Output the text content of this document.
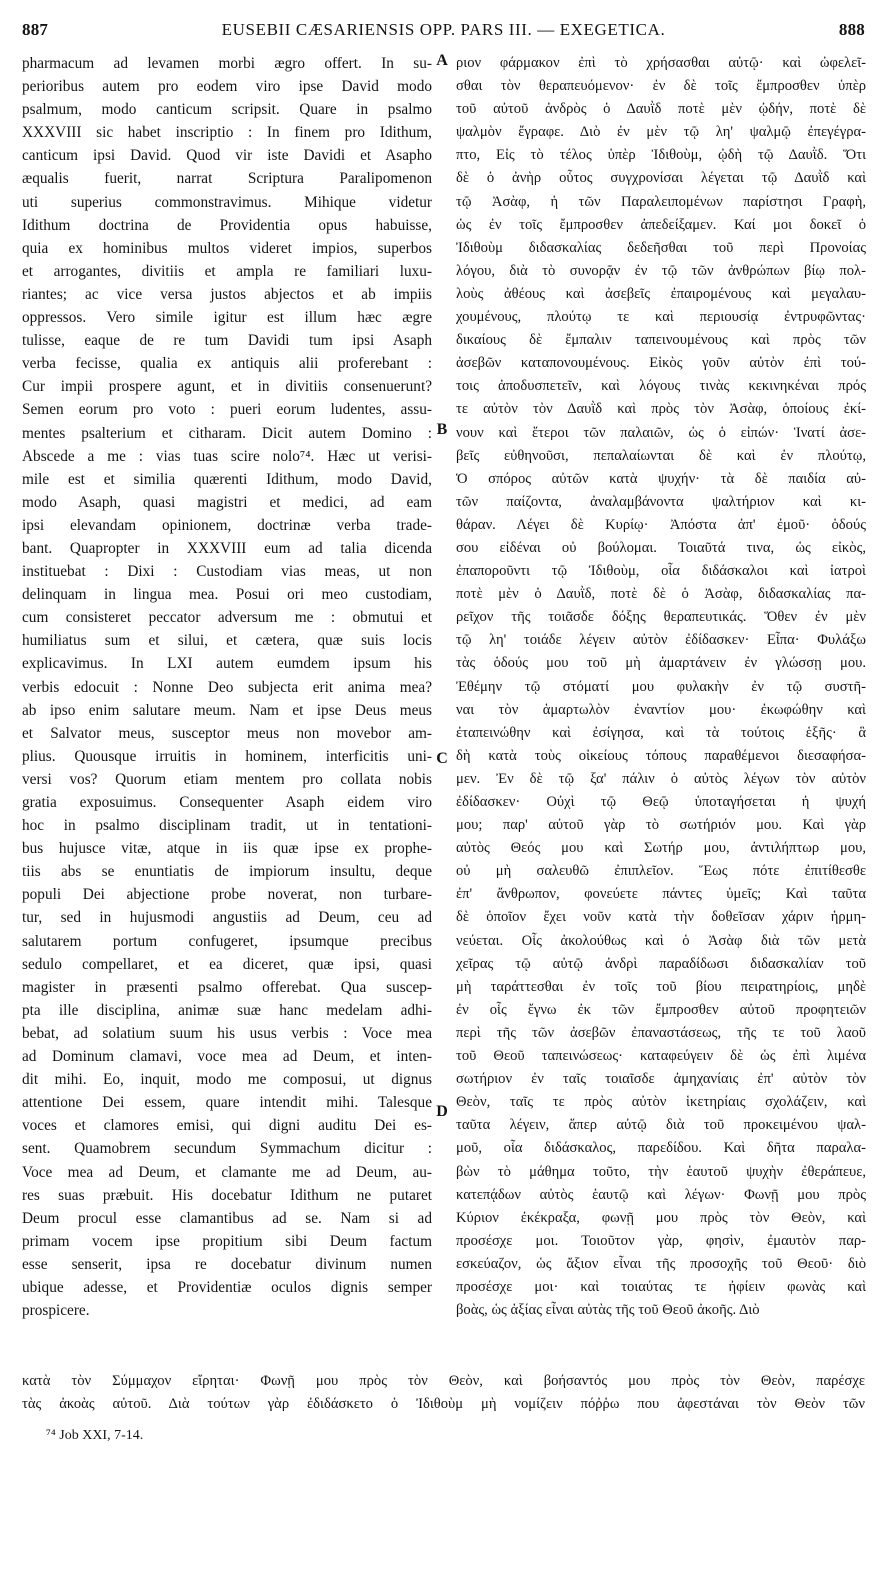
887	EUSEBII CÆSARIENSIS OPP. PARS III. — EXEGETICA.	888
pharmacum ad levamen morbi ægro offert. In su-
perioribus autem pro eodem viro ipse David modo
psalmum, modo canticum scripsit. Quare in psalmo
XXXVIII sic habet inscriptio : In finem pro Idithum,
canticum ipsi David. Quod vir iste Davidi et Asapho
æqualis fuerit, narrat Scriptura Paralipomenon
uti superius commonstravimus. Mihique videtur
Idithum doctrina de Providentia opus habuisse,
quia ex hominibus multos videret impios, superbos
et arrogantes, divitiis et ampla re familiari luxu-
riantes; ac vice versa justos abjectos et ab impiis
oppressos. Vero simile igitur est illum hæc ægre
tulisse, eaque de re tum Davidi tum ipsi Asaph
verba fecisse, qualia ex antiquis alii proferebant :
Cur impii prospere agunt, et in divitiis consenuerunt?
Semen eorum pro voto : pueri eorum ludentes, assu-
mentes psalterium et citharam. Dicit autem Domino :
Abscede a me : vias tuas scire nolo⁷⁴. Hæc ut verisi-
mile est et similia quærenti Idithum, modo David,
modo Asaph, quasi magistri et medici, ad eam
ipsi elevandam opinionem, doctrinæ verba trade-
bant. Quapropter in XXXVIII eum ad talia dicenda
instituebat : Dixi : Custodiam vias meas, ut non
delinquam in lingua mea. Posui ori meo custodiam,
cum consisteret peccator adversum me : obmutui et
humiliatus sum et silui, et cætera, quæ suis locis
explicavimus. In LXI autem eumdem ipsum his
verbis edocuit : Nonne Deo subjecta erit anima mea?
ab ipso enim salutare meum. Nam et ipse Deus meus
et Salvator meus, susceptor meus non movebor am-
plius. Quousque irruitis in hominem, interficitis uni-
versi vos? Quorum etiam mentem pro collata nobis
gratia exposuimus. Consequenter Asaph eidem viro
hoc in psalmo disciplinam tradit, ut in tentationi-
bus hujusce vitæ, atque in iis quæ ipse ex prophe-
tiis abs se enuntiatis de impiorum insultu, deque
populi Dei abjectione probe noverat, non turbare-
tur, sed in hujusmodi angustiis ad Deum, ceu ad
salutarem portum confugeret, ipsumque precibus
sedulo compellaret, et ea diceret, quæ ipsi, quasi
magister in præsenti psalmo offerebat. Qua suscep-
pta ille disciplina, animæ suæ hanc medelam adhi-
bebat, ad solatium suum his usus verbis : Voce mea
ad Dominum clamavi, voce mea ad Deum, et inten-
dit mihi. Eo, inquit, modo me composui, ut dignus
attentione Dei essem, quare intendit mihi. Talesque
voces et clamores emisi, qui digni auditu Dei es-
sent. Quamobrem secundum Symmachum dicitur :
Voce mea ad Deum, et clamante me ad Deum, au-
res suas præbuit. His docebatur Idithum ne putaret
Deum procul esse clamantibus ad se. Nam si ad
primam vocem ipse propitium sibi Deum factum
esse senserit, ipsa re docebatur divinum numen
ubique adesse, et Providentiæ oculos dignis semper
prospicere.
A
B
C
D
ριον φάρμακον ἐπὶ τὸ χρήσασθαι αὐτῷ· καὶ ὠφελεῖ-
σθαι τὸν θεραπευόμενον· ἐν δὲ τοῖς ἔμπροσθεν ὑπὲρ
τοῦ αὐτοῦ ἀνδρὸς ὁ Δαυῒδ ποτὲ μὲν ᾠδήν, ποτὲ δὲ
ψαλμὸν ἔγραφε. Διὸ ἐν μὲν τῷ λη' ψαλμῷ ἐπεγέγρα-
πτο, Εἰς τὸ τέλος ὑπὲρ Ἰδιθοὺμ, ᾠδὴ τῷ Δαυῒδ. Ὅτι
δὲ ὁ ἀνὴρ οὗτος συγχρονίσαι λέγεται τῷ Δαυῒδ καὶ
τῷ Ἀσὰφ, ἡ τῶν Παραλειπομένων παρίστησι Γραφὴ,
ὡς ἐν τοῖς ἔμπροσθεν ἀπεδείξαμεν. Καί μοι δοκεῖ ὁ
Ἰδιθοὺμ διδασκαλίας δεδεῆσθαι τοῦ περὶ Προνοίας
λόγου, διὰ τὸ συνορᾷν ἐν τῷ τῶν ἀνθρώπων βίῳ πολ-
λοὺς ἀθέους καὶ ἀσεβεῖς ἐπαιρομένους καὶ μεγαλαυ-
χουμένους, πλούτῳ τε καὶ περιουσίᾳ ἐντρυφῶντας·
δικαίους δὲ ἔμπαλιν ταπεινουμένους καὶ πρὸς τῶν
ἀσεβῶν καταπονουμένους. Εἰκὸς γοῦν αὐτὸν ἐπὶ τού-
τοις ἀποδυσπετεῖν, καὶ λόγους τινὰς κεκινηκέναι πρός
τε αὐτὸν τὸν Δαυῒδ καὶ πρὸς τὸν Ἀσὰφ, ὁποίους ἐκί-
νουν καὶ ἕτεροι τῶν παλαιῶν, ὡς ὁ εἰπών· Ἱνατί ἀσε-
βεῖς εὐθηνοῦσι, πεπαλαίωνται δὲ καὶ ἐν πλούτῳ,
Ὁ σπόρος αὐτῶν κατὰ ψυχήν· τὰ δὲ παιδία αὐ-
τῶν παίζοντα, ἀναλαμβάνοντα ψαλτήριον καὶ κι-
θάραν. Λέγει δὲ Κυρίῳ· Ἀπόστα ἀπ' ἐμοῦ· ὁδούς
σου εἰδέναι οὐ βούλομαι. Τοιαῦτά τινα, ὡς εἰκὸς,
ἐπαποροῦντι τῷ Ἰδιθοὺμ, οἷα διδάσκαλοι καὶ ἰατροὶ
ποτὲ μὲν ὁ Δαυῒδ, ποτὲ δὲ ὁ Ἀσὰφ, διδασκαλίας πα-
ρεῖχον τῆς τοιᾶσδε δόξης θεραπευτικάς. Ὅθεν ἐν μὲν
τῷ λη' τοιάδε λέγειν αὐτὸν ἐδίδασκεν· Εἶπα· Φυλάξω
τὰς ὁδούς μου τοῦ μὴ ἁμαρτάνειν ἐν γλώσσῃ μου.
Ἐθέμην τῷ στόματί μου φυλακὴν ἐν τῷ συστῆ-
ναι τὸν ἁμαρτωλὸν ἐναντίον μου· ἐκωφώθην καὶ
ἐταπεινώθην καὶ ἐσίγησα, καὶ τὰ τούτοις ἑξῆς· ἃ
δὴ κατὰ τοὺς οἰκείους τόπους παραθέμενοι διεσαφήσα-
μεν. Ἐν δὲ τῷ ξα' πάλιν ὁ αὐτὸς λέγων τὸν αὐτὸν
ἐδίδασκεν· Οὐχὶ τῷ Θεῷ ὑποταγήσεται ἡ ψυχή
μου; παρ' αὐτοῦ γὰρ τὸ σωτήριόν μου. Καὶ γὰρ
αὐτὸς Θεός μου καὶ Σωτήρ μου, ἀντιλήπτωρ μου,
οὐ μὴ σαλευθῶ ἐπιπλεῖον. Ἕως πότε ἐπιτίθεσθε
ἐπ' ἄνθρωπον, φονεύετε πάντες ὑμεῖς; Καὶ ταῦτα
δὲ ὁποῖον ἔχει νοῦν κατὰ τὴν δοθεῖσαν χάριν ἡρμη-
νεύεται. Οἷς ἀκολούθως καὶ ὁ Ἀσὰφ διὰ τῶν μετὰ
χεῖρας τῷ αὐτῷ ἀνδρὶ παραδίδωσι διδασκαλίαν τοῦ
μὴ ταράττεσθαι ἐν τοῖς τοῦ βίου πειρατηρίοις, μηδὲ
ἐν οἷς ἔγνω ἐκ τῶν ἔμπροσθεν αὐτοῦ προφητειῶν
περὶ τῆς τῶν ἀσεβῶν ἐπαναστάσεως, τῆς τε τοῦ λαοῦ
τοῦ Θεοῦ ταπεινώσεως· καταφεύγειν δὲ ὡς ἐπὶ λιμένα
σωτήριον ἐν ταῖς τοιαῖσδε ἀμηχανίαις ἐπ' αὐτὸν τὸν
Θεὸν, ταῖς τε πρὸς αὐτὸν ἱκετηρίαις σχολάζειν, καὶ
ταῦτα λέγειν, ἅπερ αὐτῷ διὰ τοῦ προκειμένου ψαλ-
μοῦ, οἷα διδάσκαλος, παρεδίδου. Καὶ δῆτα παραλα-
βὼν τὸ μάθημα τοῦτο, τὴν ἑαυτοῦ ψυχὴν ἐθεράπευε,
κατεπᾴδων αὐτὸς ἑαυτῷ καὶ λέγων· Φωνῇ μου πρὸς
Κύριον ἐκέκραξα, φωνῇ μου πρὸς τὸν Θεὸν, καὶ
προσέσχε μοι. Τοιοῦτον γὰρ, φησὶν, ἐμαυτὸν παρ-
εσκεύαζον, ὡς ἄξιον εἶναι τῆς προσοχῆς τοῦ Θεοῦ· διὸ
προσέσχε μοι· καὶ τοιαύτας τε ἠφίειν φωνὰς καὶ
βοὰς, ὡς ἀξίας εἶναι αὐτὰς τῆς τοῦ Θεοῦ ἀκοῆς. Διὸ
κατὰ τὸν Σύμμαχον εἴρηται· Φωνῇ μου πρὸς τὸν Θεὸν, καὶ βοήσαντός μου πρὸς τὸν Θεὸν, παρέσχε
τὰς ἀκοὰς αὐτοῦ. Διὰ τούτων γὰρ ἐδιδάσκετο ὁ Ἰδιθοὺμ μὴ νομίζειν πόῤῥω που ἀφεστάναι τὸν Θεὸν τῶν
⁷⁴ Job XXI, 7-14.
